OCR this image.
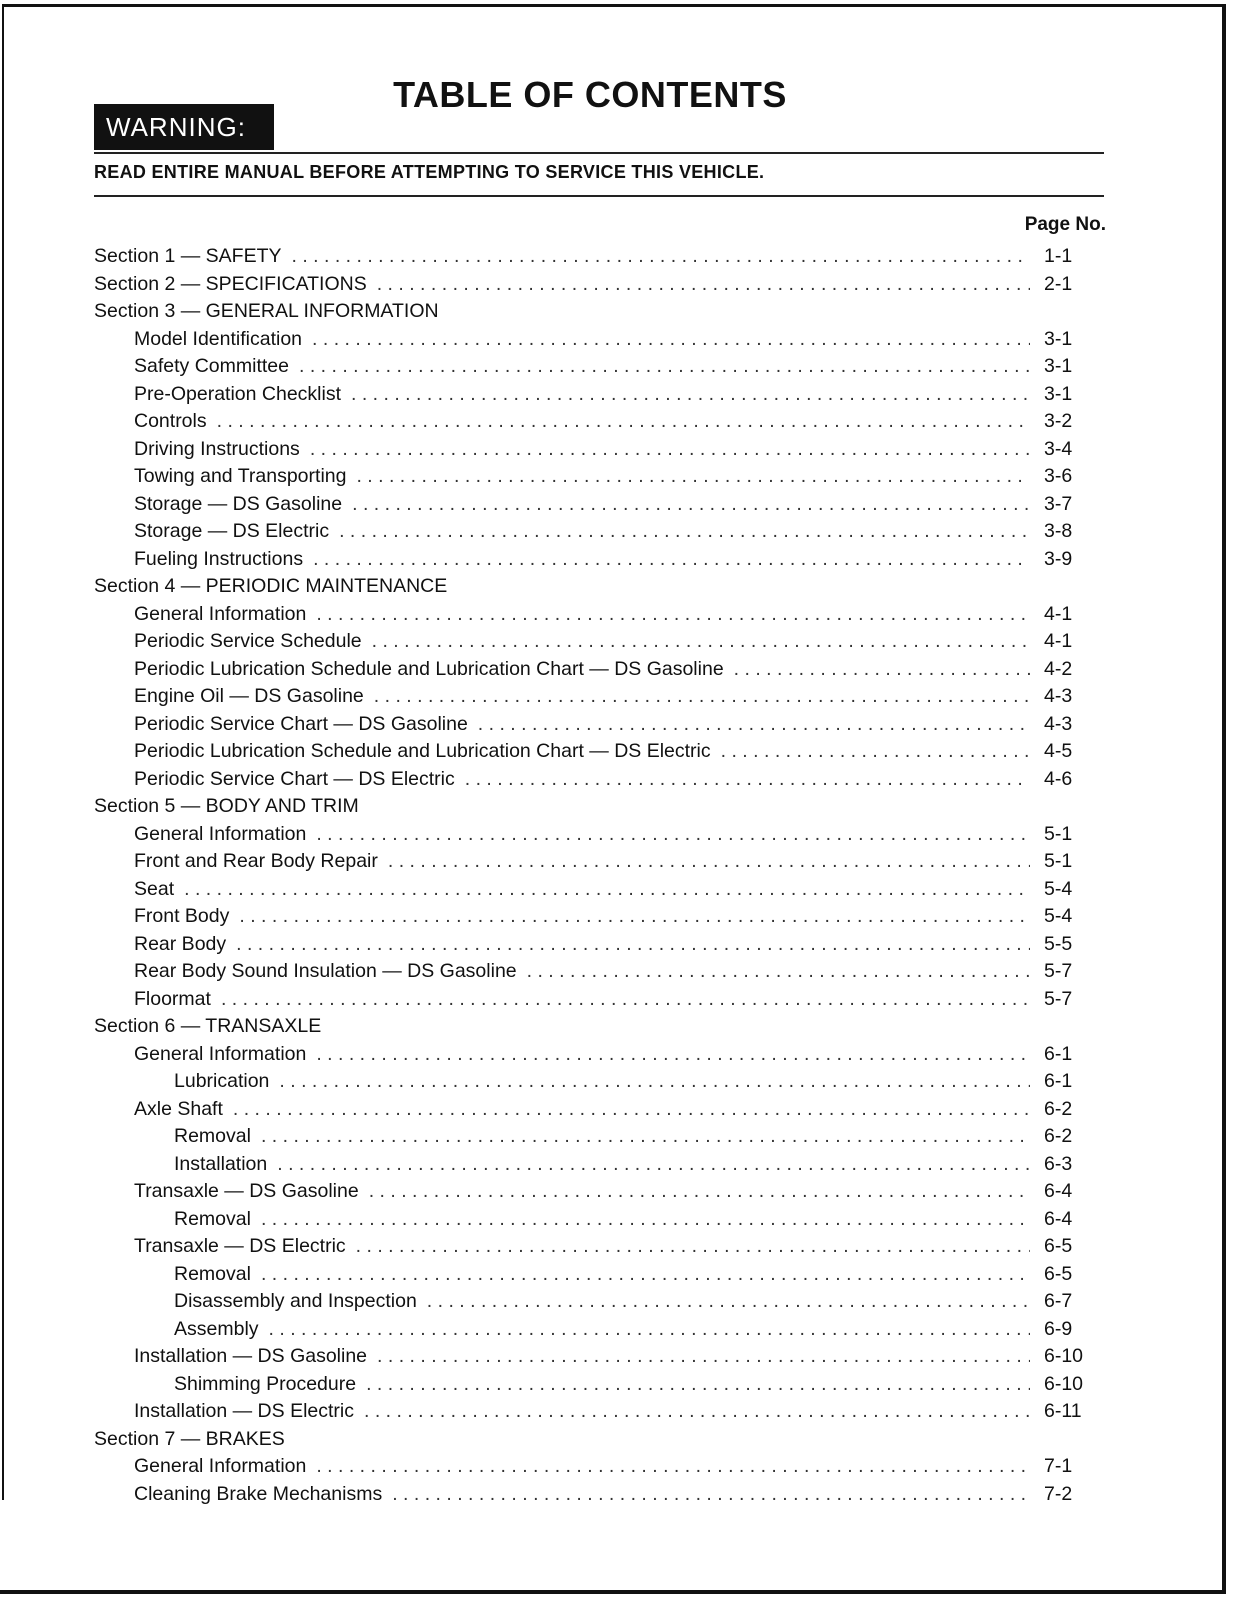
WARNING:
TABLE OF CONTENTS
READ ENTIRE MANUAL BEFORE ATTEMPTING TO SERVICE THIS VEHICLE.
Page No.
Section 1 — SAFETY . . .	1-1
Section 2 — SPECIFICATIONS . . .	2-1
Section 3 — GENERAL INFORMATION
Model Identification . . .	3-1
Safety Committee . . .	3-1
Pre-Operation Checklist . . .	3-1
Controls . . .	3-2
Driving Instructions . . .	3-4
Towing and Transporting . . .	3-6
Storage — DS Gasoline . . .	3-7
Storage — DS Electric . . .	3-8
Fueling Instructions . . .	3-9
Section 4 — PERIODIC MAINTENANCE
General Information . . .	4-1
Periodic Service Schedule . . .	4-1
Periodic Lubrication Schedule and Lubrication Chart — DS Gasoline . . .	4-2
Engine Oil — DS Gasoline . . .	4-3
Periodic Service Chart — DS Gasoline . . .	4-3
Periodic Lubrication Schedule and Lubrication Chart — DS Electric . . .	4-5
Periodic Service Chart — DS Electric . . .	4-6
Section 5 — BODY AND TRIM
General Information . . .	5-1
Front and Rear Body Repair . . .	5-1
Seat . . .	5-4
Front Body . . .	5-4
Rear Body . . .	5-5
Rear Body Sound Insulation — DS Gasoline . . .	5-7
Floormat . . .	5-7
Section 6 — TRANSAXLE
General Information . . .	6-1
Lubrication . . .	6-1
Axle Shaft . . .	6-2
Removal . . .	6-2
Installation . . .	6-3
Transaxle — DS Gasoline . . .	6-4
Removal . . .	6-4
Transaxle — DS Electric . . .	6-5
Removal . . .	6-5
Disassembly and Inspection . . .	6-7
Assembly . . .	6-9
Installation — DS Gasoline . . .	6-10
Shimming Procedure . . .	6-10
Installation — DS Electric . . .	6-11
Section 7 — BRAKES
General Information . . .	7-1
Cleaning Brake Mechanisms . . .	7-2
